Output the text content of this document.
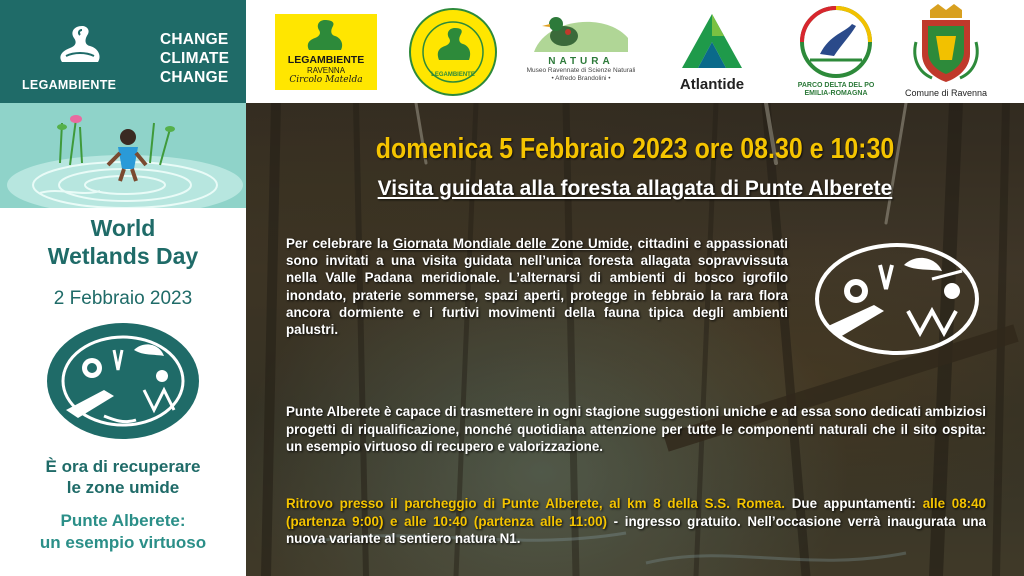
LEGAMBIENTE
CHANGE
CLIMATE
CHANGE
World
Wetlands Day
2 Febbraio 2023
È ora di recuperare
le zone umide
Punte Alberete:
un esempio virtuoso
LEGAMBIENTE
RAVENNA
Circolo Matelda	LEGAMBIENTE
NATURA
Museo Ravennate di Scienze Naturali
• Alfredo Brandolini •	Atlantide	PARCO DELTA DEL PO
EMILIA-ROMAGNA	Comune di Ravenna
domenica 5 Febbraio 2023 ore 08.30 e 10:30
Visita guidata alla foresta allagata di Punte Alberete
Per celebrare la Giornata Mondiale delle Zone Umide, cittadini e appassionati sono invitati a una visita guidata nell’unica foresta allagata sopravvissuta nella Valle Padana meridionale. L’alternarsi di ambienti di bosco igrofilo inondato, praterie sommerse, spazi aperti, protegge in febbraio la rara flora ancora dormiente e i furtivi movimenti della fauna tipica degli ambienti palustri.
Punte Alberete è capace di trasmettere in ogni stagione suggestioni uniche e ad essa sono dedicati ambiziosi progetti di riqualificazione, nonché quotidiana attenzione per tutte le componenti naturali che il sito ospita: un esempio virtuoso di recupero e valorizzazione.
Ritrovo presso il parcheggio di Punte Alberete, al km 8 della S.S. Romea. Due appuntamenti: alle 08:40 (partenza 9:00) e alle 10:40 (partenza alle 11:00) - ingresso gratuito. Nell’occasione verrà inaugurata una nuova variante al sentiero natura N1.
